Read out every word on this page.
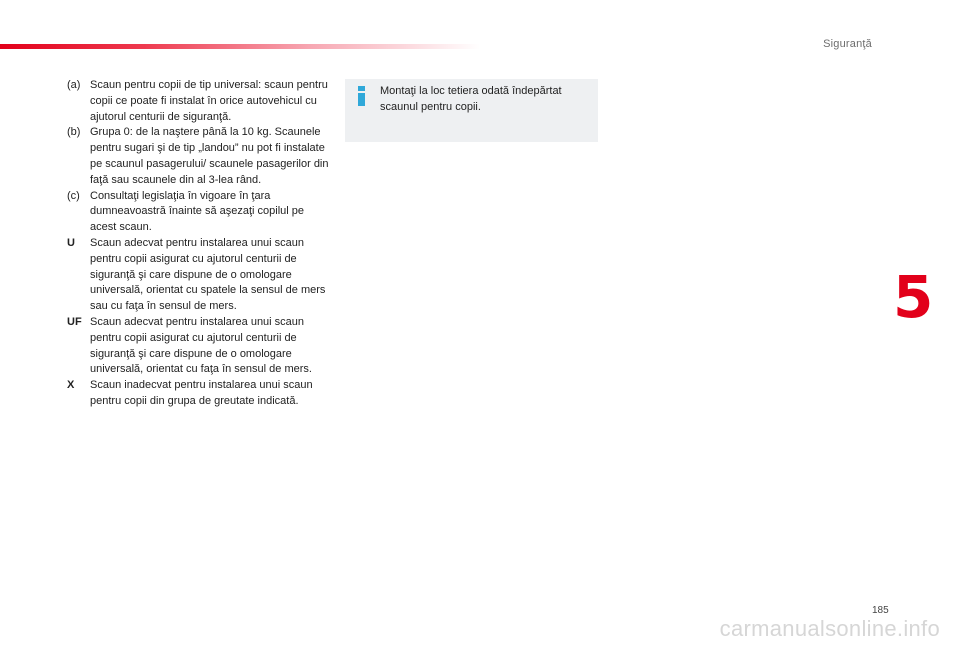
Siguranţă
(a) Scaun pentru copii de tip universal: scaun pentru copii ce poate fi instalat în orice autovehicul cu ajutorul centurii de siguranţă.
(b) Grupa 0: de la naştere până la 10 kg. Scaunele pentru sugari şi de tip „landou” nu pot fi instalate pe scaunul pasagerului/ scaunele pasagerilor din faţă sau scaunele din al 3-lea rând.
(c) Consultaţi legislaţia în vigoare în ţara dumneavoastră înainte să aşezaţi copilul pe acest scaun.
U	Scaun adecvat pentru instalarea unui scaun pentru copii asigurat cu ajutorul centurii de siguranţă şi care dispune de o omologare universală, orientat cu spatele la sensul de mers sau cu faţa în sensul de mers.
UF Scaun adecvat pentru instalarea unui scaun pentru copii asigurat cu ajutorul centurii de siguranţă şi care dispune de o omologare universală, orientat cu faţa în sensul de mers.
X	Scaun inadecvat pentru instalarea unui scaun pentru copii din grupa de greutate indicată.
Montaţi la loc tetiera odată îndepărtat scaunul pentru copii.
5
185
carmanualsonline.info
